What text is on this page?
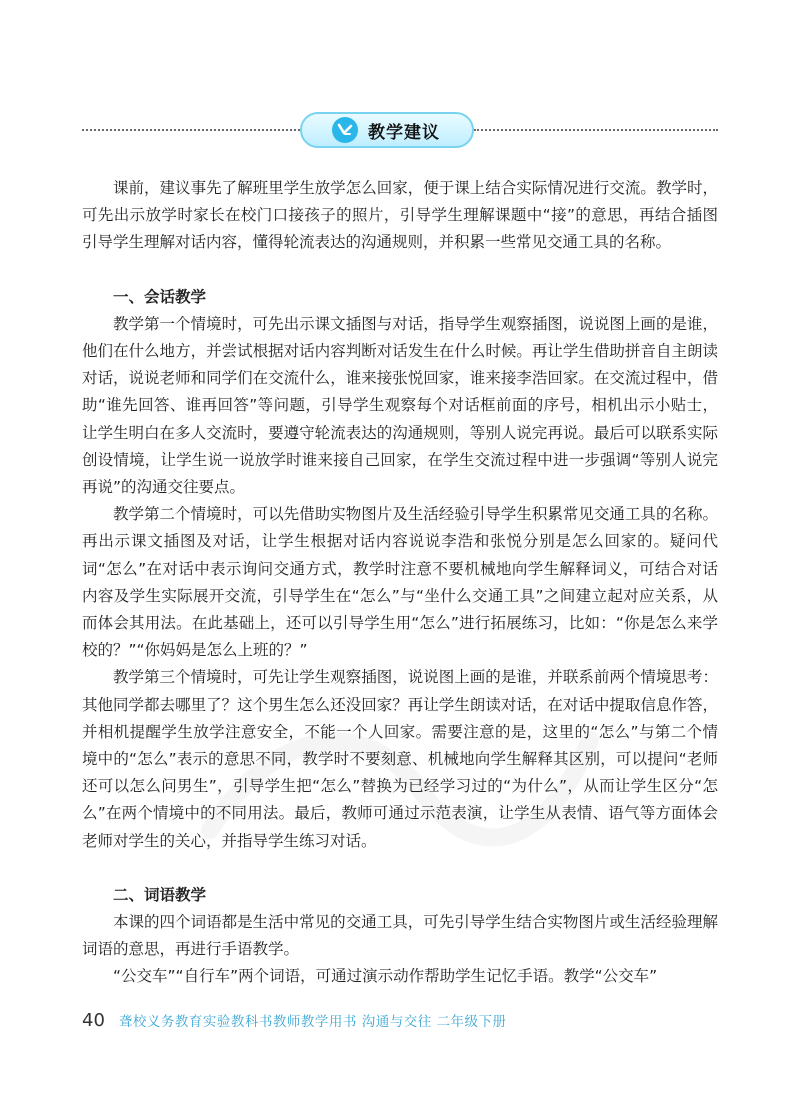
教学建议

课前，建议事先了解班里学生放学怎么回家，便于课上结合实际情况进行交流。教学时，可先出示放学时家长在校门口接孩子的照片，引导学生理解课题中“接”的意思，再结合插图引导学生理解对话内容，懂得轮流表达的沟通规则，并积累一些常见交通工具的名称。

一、会话教学

教学第一个情境时，可先出示课文插图与对话，指导学生观察插图，说说图上画的是谁，他们在什么地方，并尝试根据对话内容判断对话发生在什么时候。再让学生借助拼音自主朗读对话，说说老师和同学们在交流什么，谁来接张悦回家，谁来接李浩回家。在交流过程中，借助“谁先回答、谁再回答”等问题，引导学生观察每个对话框前面的序号，相机出示小贴士，让学生明白在多人交流时，要遵守轮流表达的沟通规则，等别人说完再说。最后可以联系实际创设情境，让学生说一说放学时谁来接自己回家，在学生交流过程中进一步强调“等别人说完再说”的沟通交往要点。

教学第二个情境时，可以先借助实物图片及生活经验引导学生积累常见交通工具的名称。再出示课文插图及对话，让学生根据对话内容说说李浩和张悦分别是怎么回家的。疑问代词“怎么”在对话中表示询问交通方式，教学时注意不要机械地向学生解释词义，可结合对话内容及学生实际展开交流，引导学生在“怎么”与“坐什么交通工具”之间建立起对应关系，从而体会其用法。在此基础上，还可以引导学生用“怎么”进行拓展练习，比如：“你是怎么来学校的？”“你妈妈是怎么上班的？”

教学第三个情境时，可先让学生观察插图，说说图上画的是谁，并联系前两个情境思考：其他同学都去哪里了？这个男生怎么还没回家？再让学生朗读对话，在对话中提取信息作答，并相机提醒学生放学注意安全，不能一个人回家。需要注意的是，这里的“怎么”与第二个情境中的“怎么”表示的意思不同，教学时不要刻意、机械地向学生解释其区别，可以提问“老师还可以怎么问男生”，引导学生把“怎么”替换为已经学习过的“为什么”，从而让学生区分“怎么”在两个情境中的不同用法。最后，教师可通过示范表演，让学生从表情、语气等方面体会老师对学生的关心，并指导学生练习对话。

二、词语教学

本课的四个词语都是生活中常见的交通工具，可先引导学生结合实物图片或生活经验理解词语的意思，再进行手语教学。

“公交车”“自行车”两个词语，可通过演示动作帮助学生记忆手语。教学“公交车”

40 聋校义务教育实验教科书教师教学用书 沟通与交往 二年级下册
